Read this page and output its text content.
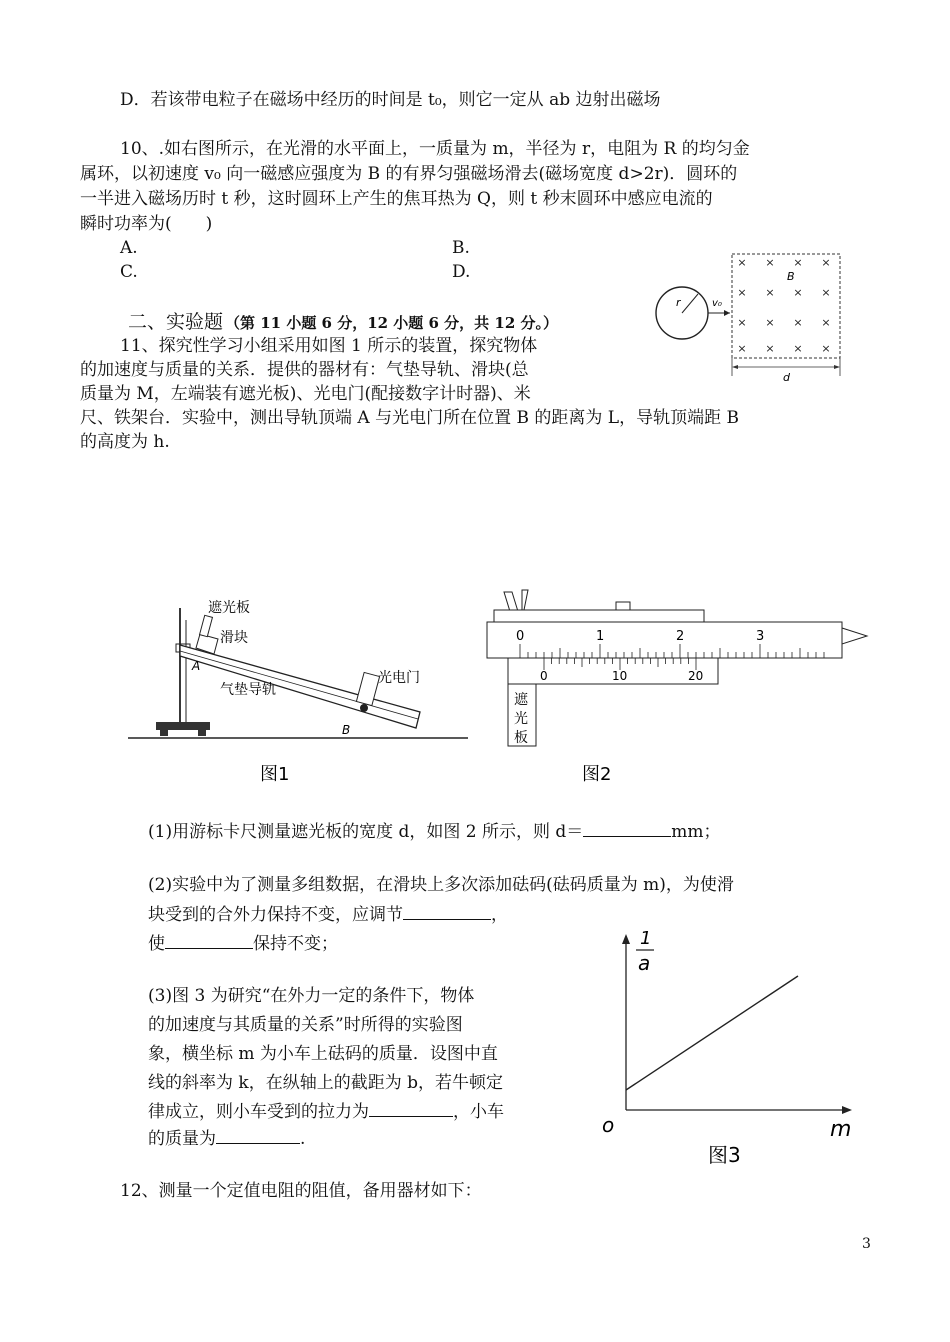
D．若该带电粒子在磁场中经历的时间是 t₀，则它一定从 ab 边射出磁场
10、.如右图所示，在光滑的水平面上，一质量为 m，半径为 r，电阻为 R 的均匀金
属环，以初速度 v₀ 向一磁感应强度为 B 的有界匀强磁场滑去(磁场宽度 d>2r)．圆环的
一半进入磁场历时 t 秒，这时圆环上产生的焦耳热为 Q，则 t 秒末圆环中感应电流的
瞬时功率为(　　)
A.	B.
C.	D.
r	v₀
× × × ×
× × × ×
× × × ×
× × × ×
B
d
二、实验题 （第 11 小题 6 分，12 小题 6 分，共 12 分。）
11、探究性学习小组采用如图 1 所示的装置，探究物体
的加速度与质量的关系．提供的器材有：气垫导轨、滑块(总
质量为 M，左端装有遮光板)、光电门(配接数字计时器)、米
尺、铁架台．实验中，测出导轨顶端 A 与光电门所在位置 B 的距离为 L，导轨顶端距 B
的高度为 h.
遮光板
滑块
A
气垫导轨
光电门
B
图1
0	1	2	3
0	10	20
遮
光
板
图2
(1)用游标卡尺测量遮光板的宽度 d，如图 2 所示，则 d＝	mm；
(2)实验中为了测量多组数据，在滑块上多次添加砝码(砝码质量为 m)，为使滑
块受到的合外力保持不变，应调节	，
使	保持不变；
(3)图 3 为研究“在外力一定的条件下，物体
的加速度与其质量的关系”时所得的实验图
象，横坐标 m 为小车上砝码的质量．设图中直
线的斜率为 k，在纵轴上的截距为 b，若牛顿定
律成立，则小车受到的拉力为	，小车
的质量为	.
1
a
o	m
图3
12、测量一个定值电阻的阻值，备用器材如下：
3
